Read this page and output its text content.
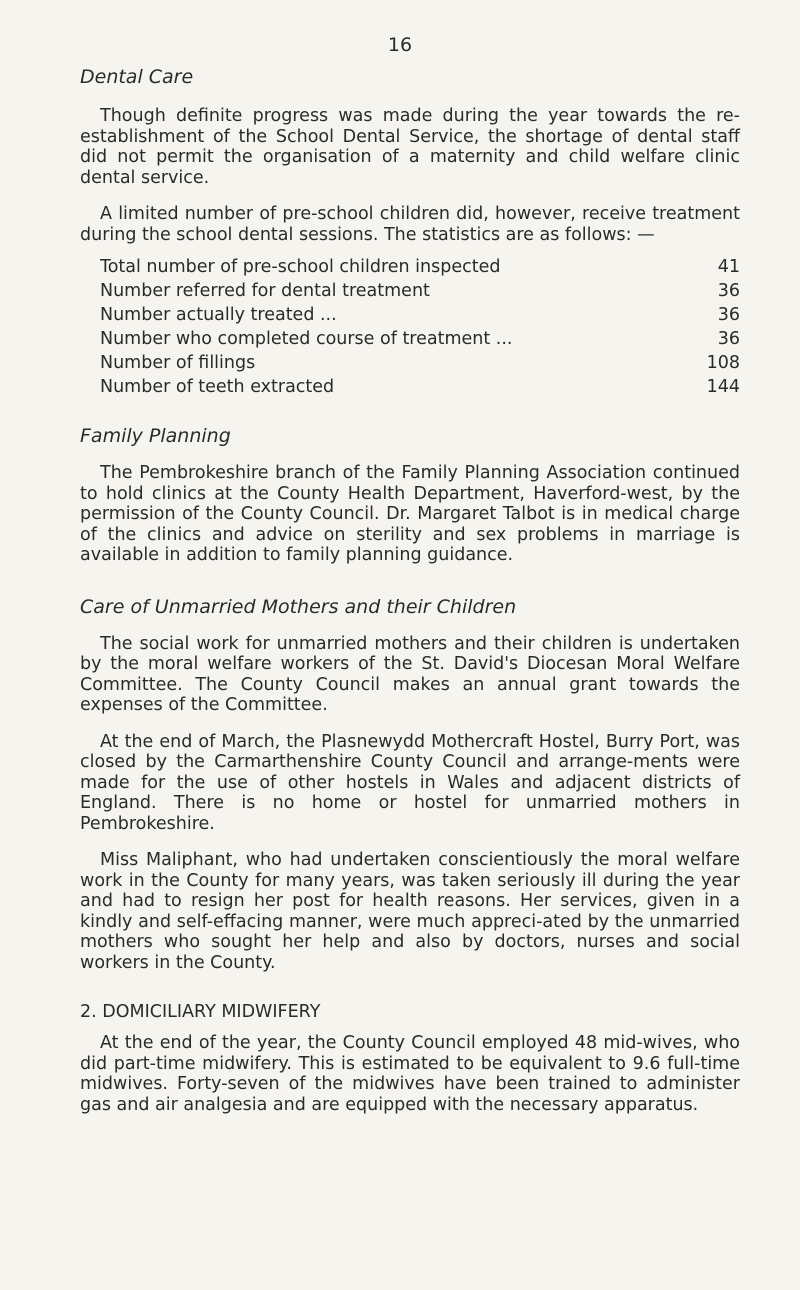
16
Dental Care

Though definite progress was made during the year towards the re-establishment of the School Dental Service, the shortage of dental staff did not permit the organisation of a maternity and child welfare clinic dental service.

A limited number of pre-school children did, however, receive treatment during the school dental sessions. The statistics are as follows: —

Total number of pre-school children inspected	41
Number referred for dental treatment	36
Number actually treated ...	36
Number who completed course of treatment ...	36
Number of fillings	108
Number of teeth extracted	144
Family Planning

The Pembrokeshire branch of the Family Planning Association continued to hold clinics at the County Health Department, Haverford-west, by the permission of the County Council. Dr. Margaret Talbot is in medical charge of the clinics and advice on sterility and sex problems in marriage is available in addition to family planning guidance.

Care of Unmarried Mothers and their Children

The social work for unmarried mothers and their children is undertaken by the moral welfare workers of the St. David's Diocesan Moral Welfare Committee. The County Council makes an annual grant towards the expenses of the Committee.

At the end of March, the Plasnewydd Mothercraft Hostel, Burry Port, was closed by the Carmarthenshire County Council and arrange-ments were made for the use of other hostels in Wales and adjacent districts of England. There is no home or hostel for unmarried mothers in Pembrokeshire.

Miss Maliphant, who had undertaken conscientiously the moral welfare work in the County for many years, was taken seriously ill during the year and had to resign her post for health reasons. Her services, given in a kindly and self-effacing manner, were much appreci-ated by the unmarried mothers who sought her help and also by doctors, nurses and social workers in the County.

2. DOMICILIARY MIDWIFERY

At the end of the year, the County Council employed 48 mid-wives, who did part-time midwifery. This is estimated to be equivalent to 9.6 full-time midwives. Forty-seven of the midwives have been trained to administer gas and air analgesia and are equipped with the necessary apparatus.
